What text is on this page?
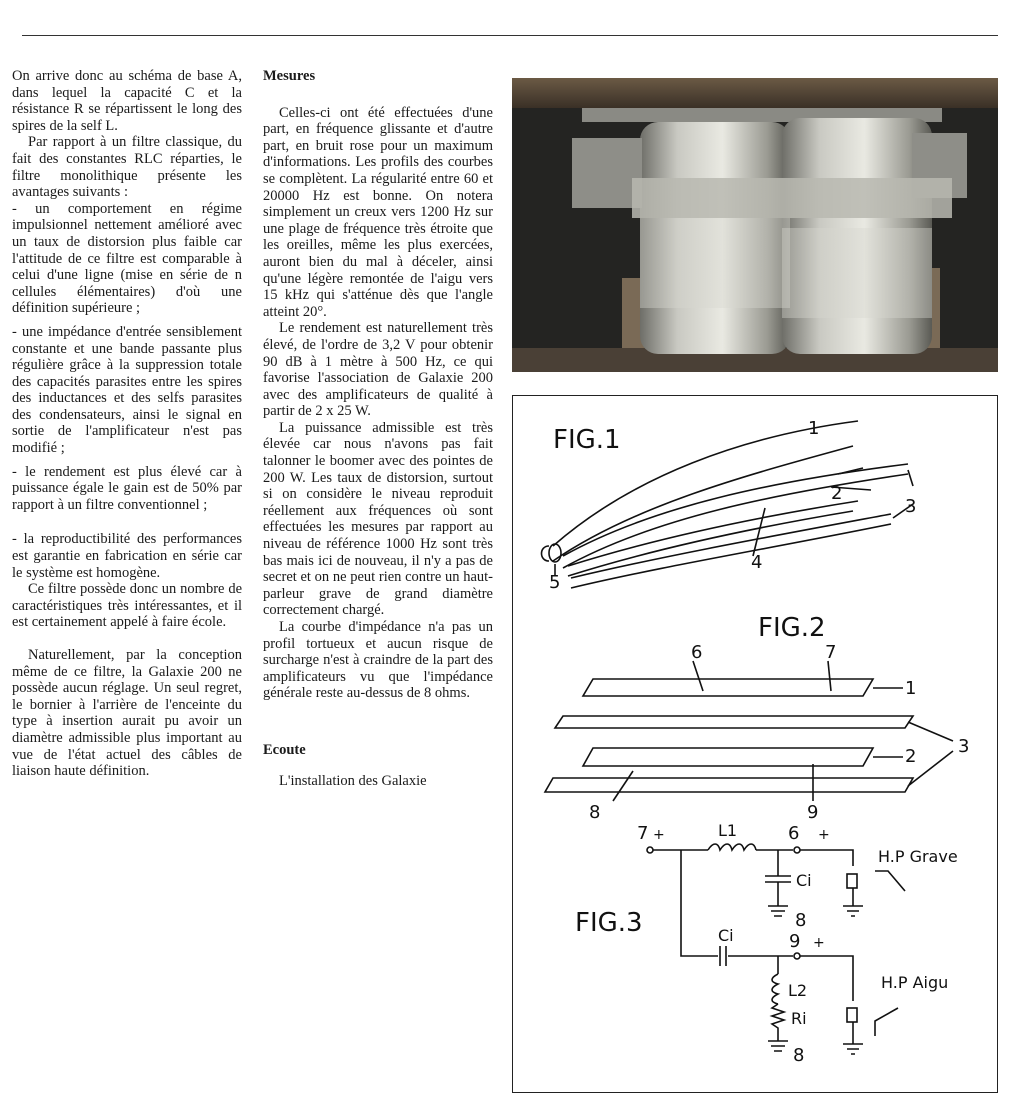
On arrive donc au schéma de base A, dans lequel la capacité C et la résistance R se répartissent le long des spires de la self L.

Par rapport à un filtre classique, du fait des constantes RLC réparties, le filtre monolithique présente les avantages suivants :

- un comportement en régime impulsionnel nettement amélioré avec un taux de distorsion plus faible car l'attitude de ce filtre est comparable à celui d'une ligne (mise en série de n cellules élémentaires) d'où une définition supérieure ;

- une impédance d'entrée sensiblement constante et une bande passante plus régulière grâce à la suppression totale des capacités parasites entre les spires des inductances et des selfs parasites des condensateurs, ainsi le signal en sortie de l'amplificateur n'est pas modifié ;

- le rendement est plus élevé car à puissance égale le gain est de 50% par rapport à un filtre conventionnel ;

- la reproductibilité des performances est garantie en fabrication en série car le système est homogène.

Ce filtre possède donc un nombre de caractéristiques très intéressantes, et il est certainement appelé à faire école.

Naturellement, par la conception même de ce filtre, la Galaxie 200 ne possède aucun réglage. Un seul regret, le bornier à l'arrière de l'enceinte du type à insertion aurait pu avoir un diamètre admissible plus important au vue de l'état actuel des câbles de liaison haute définition.

Mesures

Celles-ci ont été effectuées d'une part, en fréquence glissante et d'autre part, en bruit rose pour un maximum d'informations. Les profils des courbes se complètent. La régularité entre 60 et 20000 Hz est bonne. On notera simplement un creux vers 1200 Hz sur une plage de fréquence très étroite que les oreilles, même les plus exercées, auront bien du mal à déceler, ainsi qu'une légère remontée de l'aigu vers 15 kHz qui s'atténue dès que l'angle atteint 20°.

Le rendement est naturellement très élevé, de l'ordre de 3,2 V pour obtenir 90 dB à 1 mètre à 500 Hz, ce qui favorise l'association de Galaxie 200 avec des amplificateurs de qualité à partir de 2 x 25 W.

La puissance admissible est très élevée car nous n'avons pas fait talonner le boomer avec des pointes de 200 W. Les taux de distorsion, surtout si on considère le niveau reproduit réellement aux fréquences où sont effectuées les mesures par rapport au niveau de référence 1000 Hz sont très bas mais ici de nouveau, il n'y a pas de secret et on ne peut rien contre un haut-parleur grave de grand diamètre correctement chargé.

La courbe d'impédance n'a pas un profil tortueux et aucun risque de surcharge n'est à craindre de la part des amplificateurs vu que l'impédance générale reste au-dessus de 8 ohms.

Ecoute

L'installation des Galaxie

FIG.1	1
2
3
4
5
FIG.2
6	7
1
2 3
8	9
7 +	L1	6 +
Ci
8
H.P Grave
FIG.3	Ci	9 +
L2
Ri
8
H.P Aigu
